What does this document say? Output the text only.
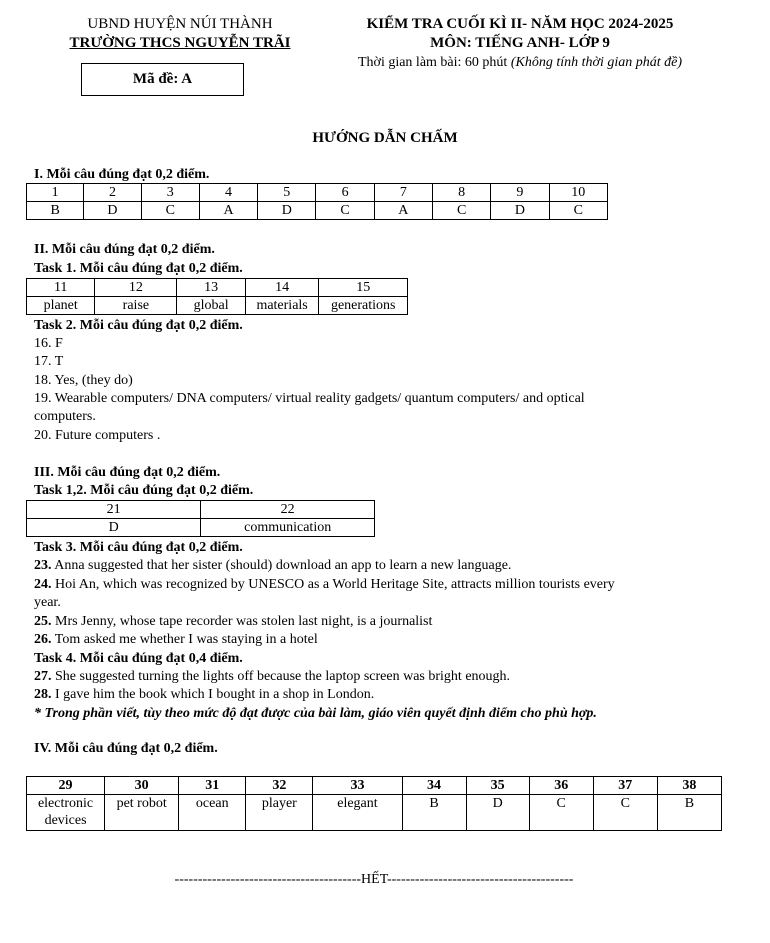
UBND HUYỆN NÚI THÀNH
TRƯỜNG THCS NGUYỄN TRÃI
Mã đề: A
KIỂM TRA CUỐI KÌ II- NĂM HỌC 2024-2025
MÔN: TIẾNG ANH- LỚP 9
Thời gian làm bài: 60 phút (Không tính thời gian phát đề)
HƯỚNG DẪN CHẤM
I. Mỗi câu đúng đạt 0,2 điểm.
1	2	3	4	5	6	7	8	9	10
B	D	C	A	D	C	A	C	D	C
II. Mỗi câu đúng đạt 0,2 điểm.
Task 1. Mỗi câu đúng đạt 0,2 điểm.
11	12	13	14	15
planet	raise	global	materials	generations
Task 2. Mỗi câu đúng đạt 0,2 điểm.
16. F
17. T
18. Yes, (they do)
19. Wearable computers/ DNA computers/ virtual reality gadgets/ quantum computers/ and optical
computers.
20. Future computers .
III. Mỗi câu đúng đạt 0,2 điểm.
Task 1,2. Mỗi câu đúng đạt 0,2 điểm.
21	22
D	communication
Task 3. Mỗi câu đúng đạt 0,2 điểm.
23. Anna suggested that her sister (should) download an app to learn a new language.
24. Hoi An, which was recognized by UNESCO as a World Heritage Site, attracts million tourists every
year.
25. Mrs Jenny, whose tape recorder was stolen last night, is a journalist
26. Tom asked me whether I was staying in a hotel
Task 4. Mỗi câu đúng đạt 0,4 điểm.
27. She suggested turning the lights off because the laptop screen was bright enough.
28. I gave him the book which I bought in a shop in London.
* Trong phần viết, tùy theo mức độ đạt được của bài làm, giáo viên quyết định điểm cho phù hợp.
IV. Mỗi câu đúng đạt 0,2 điểm.
29	30	31	32	33	34	35	36	37	38
electronic devices	pet robot	ocean	player	elegant	B	D	C	C	B
----------------------------------------HẾT----------------------------------------
